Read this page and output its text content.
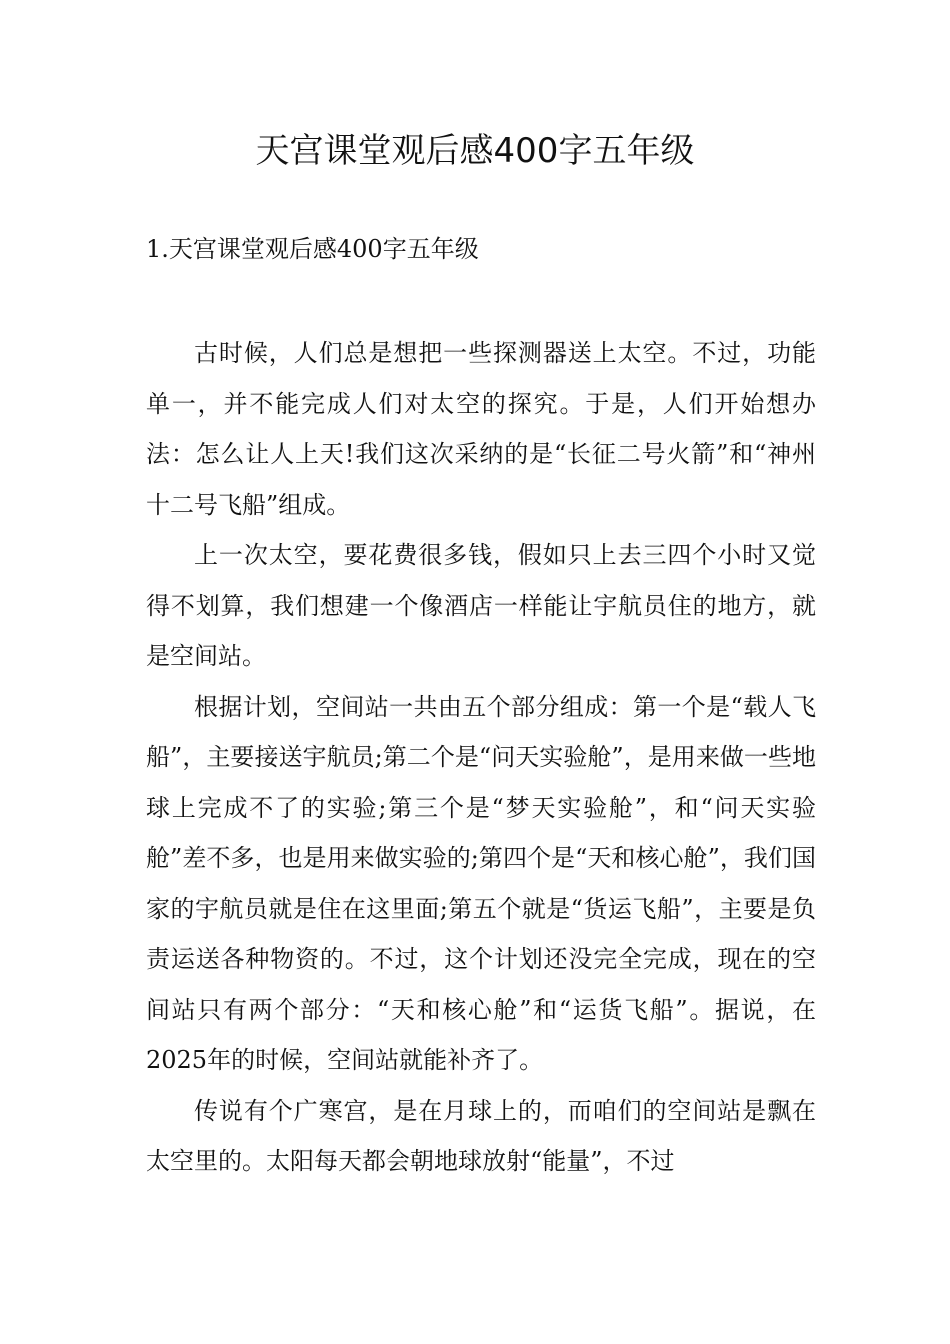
天宫课堂观后感400字五年级
1.天宫课堂观后感400字五年级

古时候，人们总是想把一些探测器送上太空。不过，功能单一，并不能完成人们对太空的探究。于是，人们开始想办法：怎么让人上天!我们这次采纳的是“长征二号火箭”和“神州十二号飞船”组成。

上一次太空，要花费很多钱，假如只上去三四个小时又觉得不划算，我们想建一个像酒店一样能让宇航员住的地方，就是空间站。

根据计划，空间站一共由五个部分组成：第一个是“载人飞船”，主要接送宇航员;第二个是“问天实验舱”，是用来做一些地球上完成不了的实验;第三个是“梦天实验舱”，和“问天实验舱”差不多，也是用来做实验的;第四个是“天和核心舱”，我们国家的宇航员就是住在这里面;第五个就是“货运飞船”，主要是负责运送各种物资的。不过，这个计划还没完全完成，现在的空间站只有两个部分：“天和核心舱”和“运货飞船”。据说，在2025年的时候，空间站就能补齐了。

传说有个广寒宫，是在月球上的，而咱们的空间站是飘在太空里的。太阳每天都会朝地球放射“能量”，不过
